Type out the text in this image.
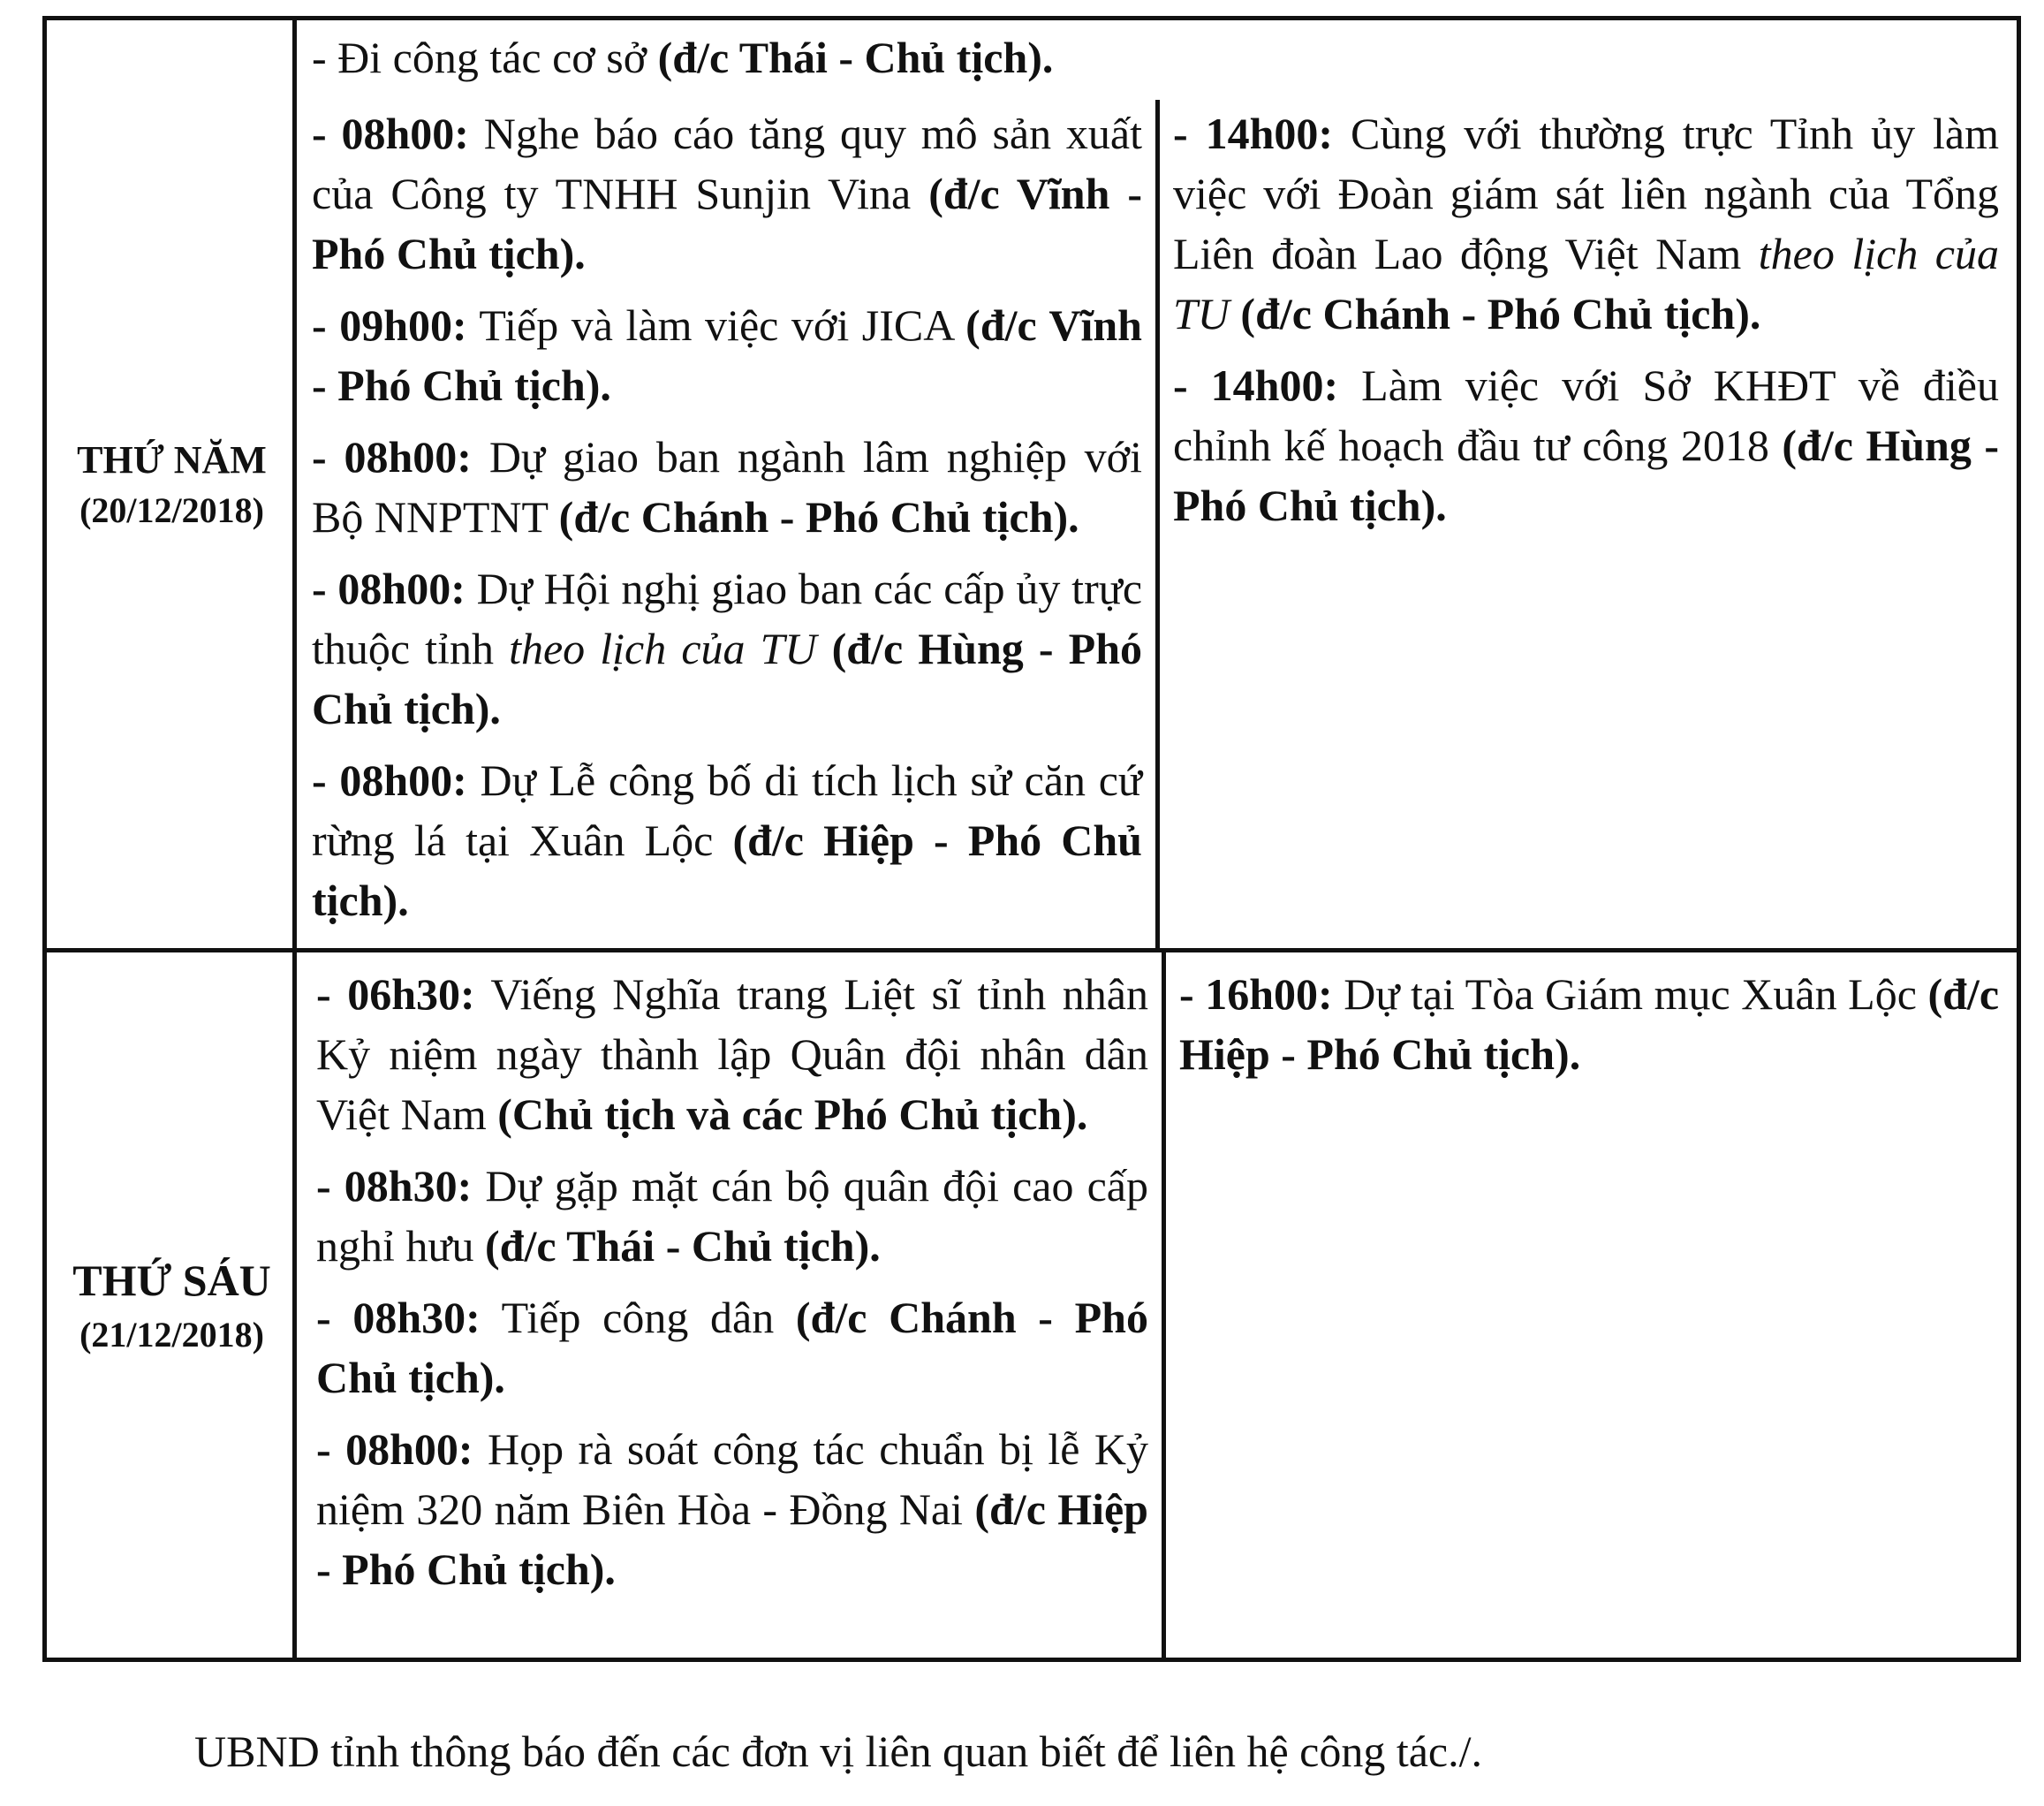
THỨ NĂM
(20/12/2018)
- Đi công tác cơ sở (đ/c Thái - Chủ tịch).
- 08h00: Nghe báo cáo tăng quy mô sản xuất của Công ty TNHH Sunjin Vina (đ/c Vĩnh - Phó Chủ tịch).
- 09h00: Tiếp và làm việc với JICA (đ/c Vĩnh - Phó Chủ tịch).
- 08h00: Dự giao ban ngành lâm nghiệp với Bộ NNPTNT (đ/c Chánh - Phó Chủ tịch).
- 08h00: Dự Hội nghị giao ban các cấp ủy trực thuộc tỉnh theo lịch của TU (đ/c Hùng - Phó Chủ tịch).
- 08h00: Dự Lễ công bố di tích lịch sử căn cứ rừng lá tại Xuân Lộc (đ/c Hiệp - Phó Chủ tịch).
- 14h00: Cùng với thường trực Tỉnh ủy làm việc với Đoàn giám sát liên ngành của Tổng Liên đoàn Lao động Việt Nam theo lịch của TU (đ/c Chánh - Phó Chủ tịch).
- 14h00: Làm việc với Sở KHĐT về điều chỉnh kế hoạch đầu tư công 2018 (đ/c Hùng - Phó Chủ tịch).
THỨ SÁU
(21/12/2018)
- 06h30: Viếng Nghĩa trang Liệt sĩ tỉnh nhân Kỷ niệm ngày thành lập Quân đội nhân dân Việt Nam (Chủ tịch và các Phó Chủ tịch).
- 08h30: Dự gặp mặt cán bộ quân đội cao cấp nghỉ hưu (đ/c Thái - Chủ tịch).
- 08h30: Tiếp công dân (đ/c Chánh - Phó Chủ tịch).
- 08h00: Họp rà soát công tác chuẩn bị lễ Kỷ niệm 320 năm Biên Hòa - Đồng Nai (đ/c Hiệp - Phó Chủ tịch).
- 16h00: Dự tại Tòa Giám mục Xuân Lộc (đ/c Hiệp - Phó Chủ tịch).
UBND tỉnh thông báo đến các đơn vị liên quan biết để liên hệ công tác./.
